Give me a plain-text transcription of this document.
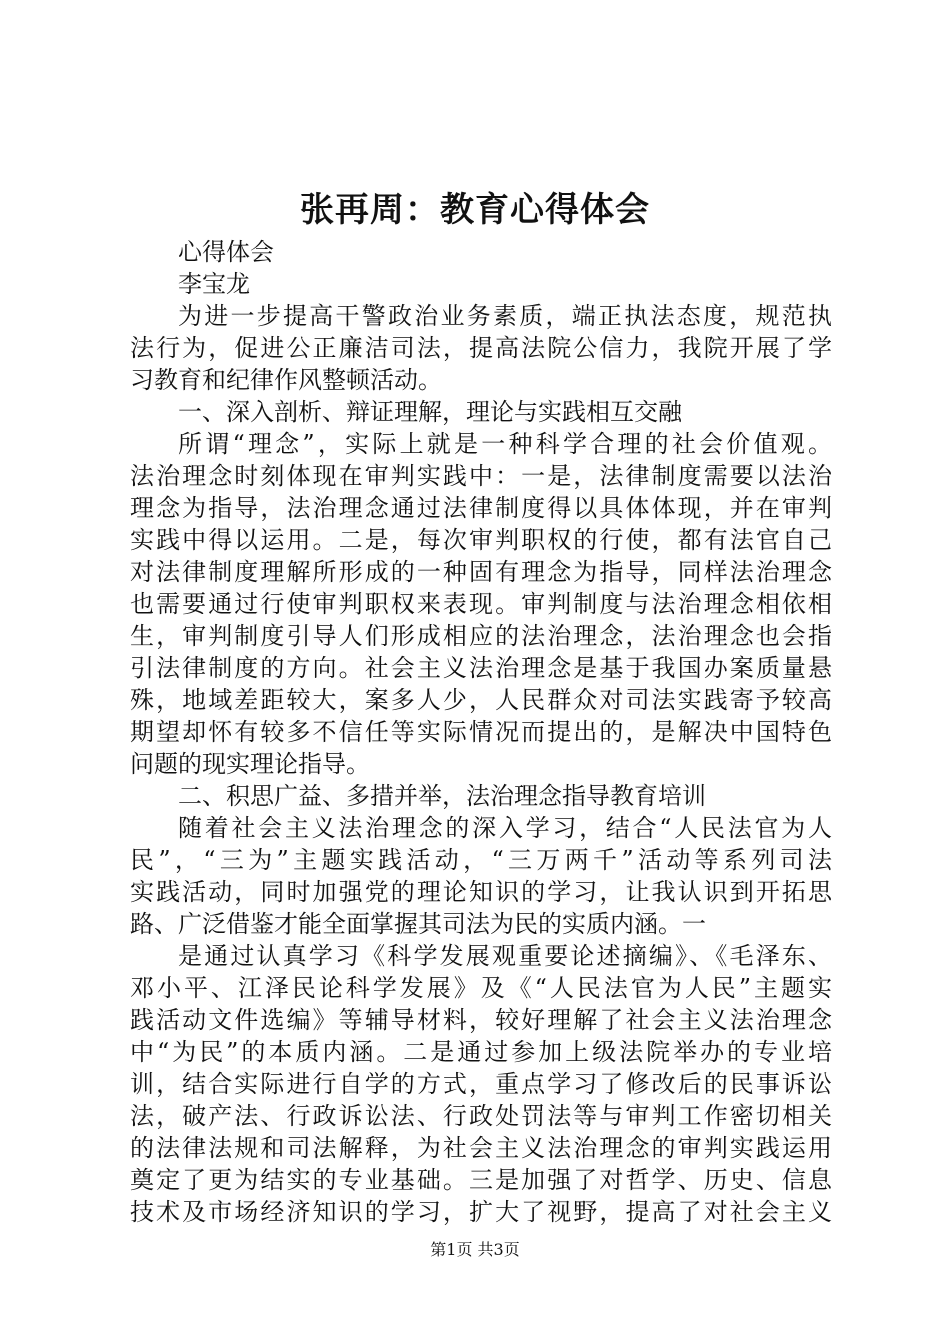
张再周：教育心得体会
心得体会
李宝龙
为进一步提高干警政治业务素质，端正执法态度，规范执
法行为，促进公正廉洁司法，提高法院公信力，我院开展了学
习教育和纪律作风整顿活动。
一、深入剖析、辩证理解，理论与实践相互交融
所谓“理念”，实际上就是一种科学合理的社会价值观。
法治理念时刻体现在审判实践中：一是，法律制度需要以法治
理念为指导，法治理念通过法律制度得以具体体现，并在审判
实践中得以运用。二是，每次审判职权的行使，都有法官自己
对法律制度理解所形成的一种固有理念为指导，同样法治理念
也需要通过行使审判职权来表现。审判制度与法治理念相依相
生，审判制度引导人们形成相应的法治理念，法治理念也会指
引法律制度的方向。社会主义法治理念是基于我国办案质量悬
殊，地域差距较大，案多人少，人民群众对司法实践寄予较高
期望却怀有较多不信任等实际情况而提出的，是解决中国特色
问题的现实理论指导。
二、积思广益、多措并举，法治理念指导教育培训
随着社会主义法治理念的深入学习，结合“人民法官为人
民”，“三为”主题实践活动，“三万两千”活动等系列司法
实践活动，同时加强党的理论知识的学习，让我认识到开拓思
路、广泛借鉴才能全面掌握其司法为民的实质内涵。一
是通过认真学习《科学发展观重要论述摘编》、《毛泽东、
邓小平、江泽民论科学发展》及《“人民法官为人民”主题实
践活动文件选编》等辅导材料，较好理解了社会主义法治理念
中“为民”的本质内涵。二是通过参加上级法院举办的专业培
训，结合实际进行自学的方式，重点学习了修改后的民事诉讼
法，破产法、行政诉讼法、行政处罚法等与审判工作密切相关
的法律法规和司法解释，为社会主义法治理念的审判实践运用
奠定了更为结实的专业基础。三是加强了对哲学、历史、信息
技术及市场经济知识的学习，扩大了视野，提高了对社会主义
第1页 共3页
